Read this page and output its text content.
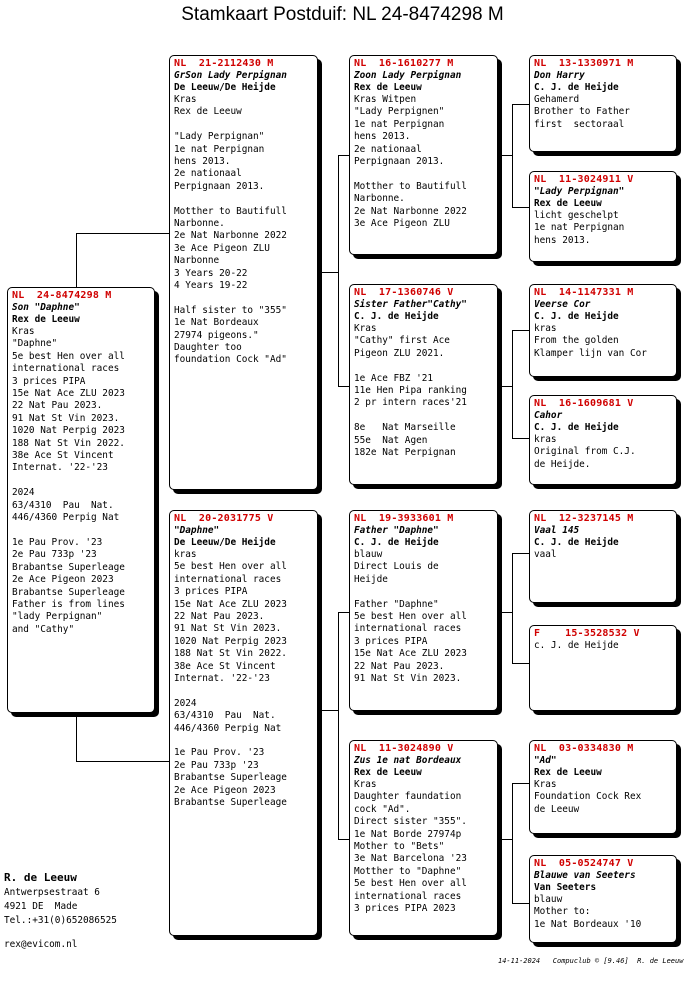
Stamkaart Postduif: NL 24-8474298 M
NL  24-8474298 M
Son "Daphne"
Rex de Leeuw
Kras
"Daphne"
5e best Hen over all
international races
3 prices PIPA
15e Nat Ace ZLU 2023
22 Nat Pau 2023.
91 Nat St Vin 2023.
1020 Nat Perpig 2023
188 Nat St Vin 2022.
38e Ace St Vincent
Internat. '22-'23
2024
63/4310  Pau  Nat.
446/4360 Perpig Nat
1e Pau Prov. '23
2e Pau 733p '23
Brabantse Superleage
2e Ace Pigeon 2023
Brabantse Superleage
Father is from lines
"lady Perpignan"
and "Cathy"
NL  21-2112430 M
GrSon Lady Perpignan
De Leeuw/De Heijde
Kras
Rex de Leeuw
"Lady Perpignan"
1e nat Perpignan
hens 2013.
2e nationaal
Perpignaan 2013.
Motther to Bautifull
Narbonne.
2e Nat Narbonne 2022
3e Ace Pigeon ZLU
Narbonne
3 Years 20-22
4 Years 19-22
Half sister to "355"
1e Nat Bordeaux
27974 pigeons."
Daughter too
foundation Cock "Ad"
NL  20-2031775 V
"Daphne"
De Leeuw/De Heijde
kras
5e best Hen over all
international races
3 prices PIPA
15e Nat Ace ZLU 2023
22 Nat Pau 2023.
91 Nat St Vin 2023.
1020 Nat Perpig 2023
188 Nat St Vin 2022.
38e Ace St Vincent
Internat. '22-'23
2024
63/4310  Pau  Nat.
446/4360 Perpig Nat
1e Pau Prov. '23
2e Pau 733p '23
Brabantse Superleage
2e Ace Pigeon 2023
Brabantse Superleage
NL  16-1610277 M
Zoon Lady Perpignan
Rex de Leeuw
Kras Witpen
"Lady Perpignen"
1e nat Perpignan
hens 2013.
2e nationaal
Perpignaan 2013.
Motther to Bautifull
Narbonne.
2e Nat Narbonne 2022
3e Ace Pigeon ZLU
NL  17-1360746 V
Sister Father"Cathy"
C. J. de Heijde
Kras
"Cathy" first Ace
Pigeon ZLU 2021.
1e Ace FBZ '21
11e Hen Pipa ranking
2 pr intern races'21
8e   Nat Marseille
55e  Nat Agen
182e Nat Perpignan
NL  19-3933601 M
Father "Daphne"
C. J. de Heijde
blauw
Direct Louis de
Heijde
Father "Daphne"
5e best Hen over all
international races
3 prices PIPA
15e Nat Ace ZLU 2023
22 Nat Pau 2023.
91 Nat St Vin 2023.
NL  11-3024890 V
Zus 1e nat Bordeaux
Rex de Leeuw
Kras
Daughter faundation
cock "Ad".
Direct sister "355".
1e Nat Borde 27974p
Mother to "Bets"
3e Nat Barcelona '23
Motther to "Daphne"
5e best Hen over all
international races
3 prices PIPA 2023
NL  13-1330971 M
Don Harry
C. J. de Heijde
Gehamerd
Brother to Father
first  sectoraal
NL  11-3024911 V
"Lady Perpignan"
Rex de Leeuw
licht geschelpt
1e nat Perpignan
hens 2013.
NL  14-1147331 M
Veerse Cor
C. J. de Heijde
kras
From the golden
Klamper lijn van Cor
NL  16-1609681 V
Cahor
C. J. de Heijde
kras
Original from C.J.
de Heijde.
NL  12-3237145 M
Vaal 145
C. J. de Heijde
vaal
F    15-3528532 V
c. J. de Heijde
NL  03-0334830 M
"Ad"
Rex de Leeuw
Kras
Foundation Cock Rex
de Leeuw
NL  05-0524747 V
Blauwe van Seeters
Van Seeters
blauw
Mother to:
1e Nat Bordeaux '10
R. de Leeuw
Antwerpsestraat 6
4921 DE  Made
Tel.:+31(0)652086525
rex@evicom.nl
14-11-2024   Compuclub © [9.46]  R. de Leeuw
